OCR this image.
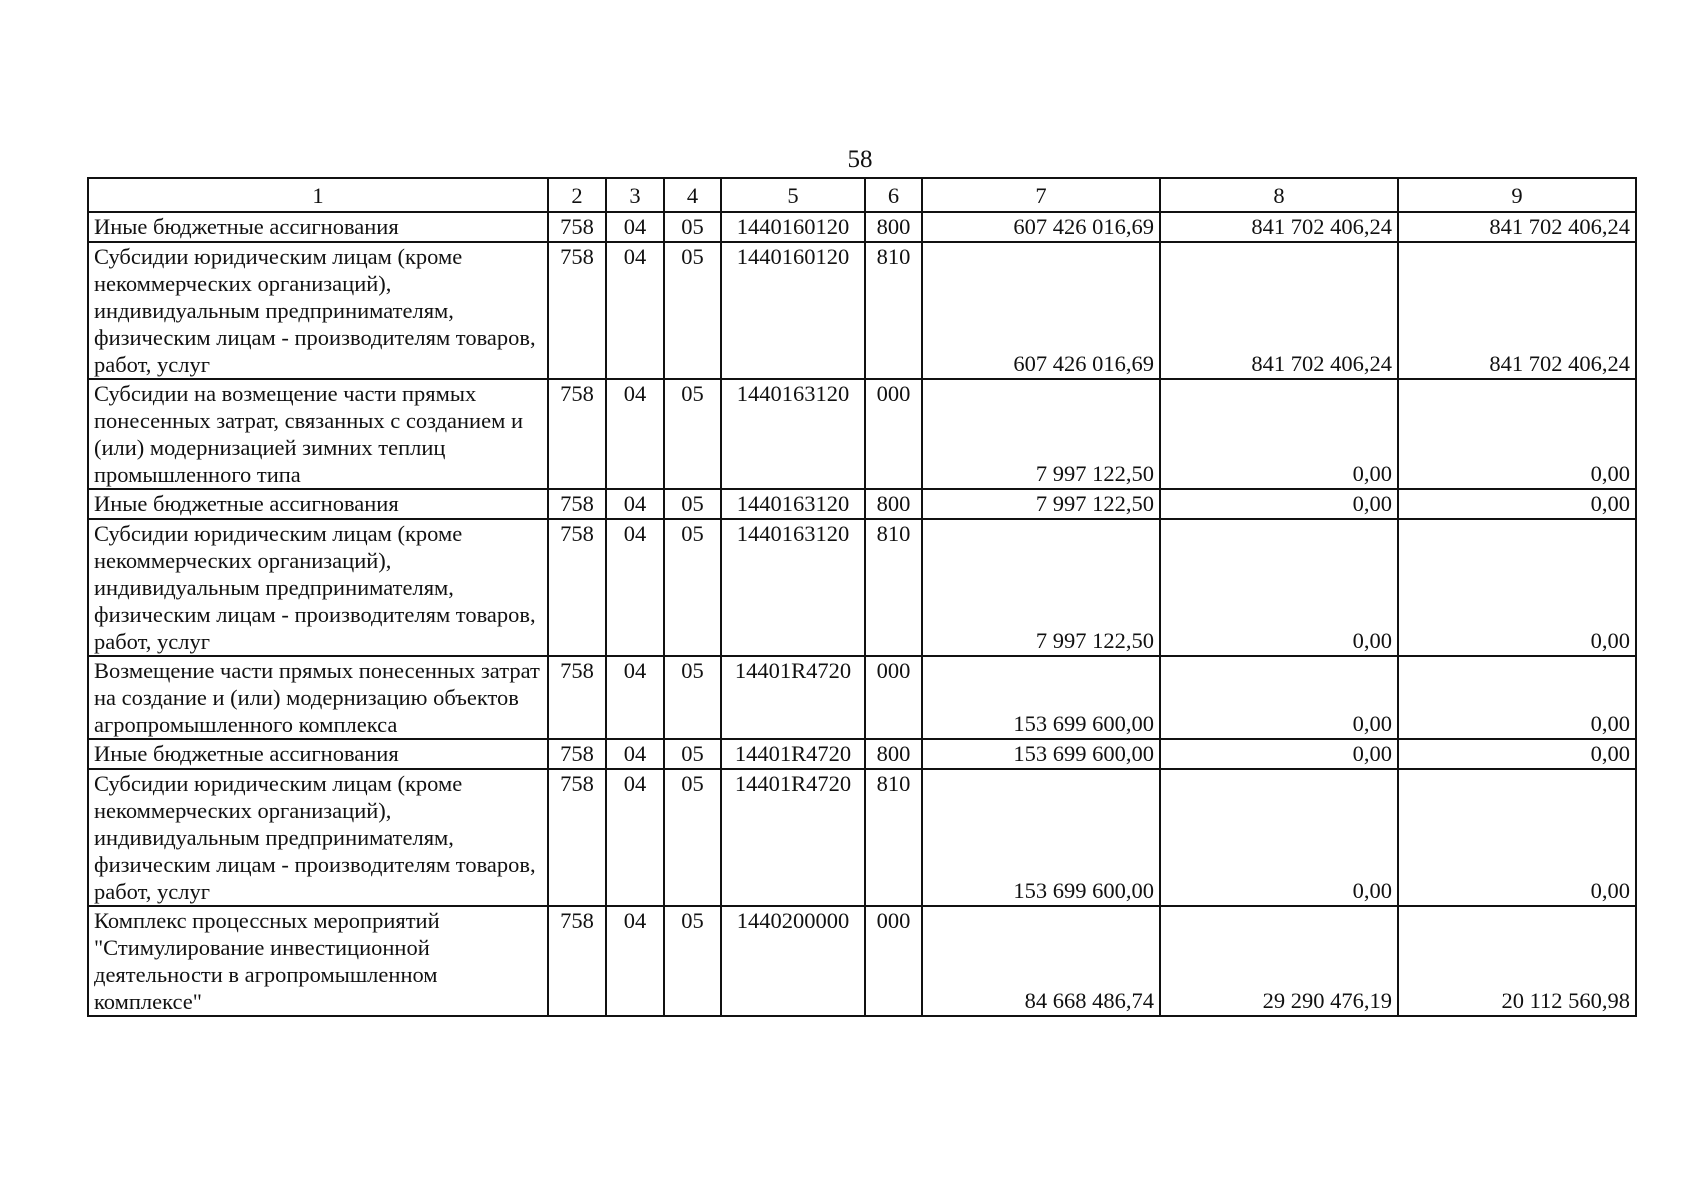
58
1	2	3	4	5	6	7	8	9
Иные бюджетные ассигнования	758	04	05	1440160120	800	607 426 016,69	841 702 406,24	841 702 406,24
Субсидии юридическим лицам (кроме некоммерческих организаций), индивидуальным предпринимателям, физическим лицам - производителям товаров, работ, услуг	758	04	05	1440160120	810	607 426 016,69	841 702 406,24	841 702 406,24
Субсидии на возмещение части прямых понесенных затрат, связанных с созданием и (или) модернизацией зимних теплиц промышленного типа	758	04	05	1440163120	000	7 997 122,50	0,00	0,00
Иные бюджетные ассигнования	758	04	05	1440163120	800	7 997 122,50	0,00	0,00
Субсидии юридическим лицам (кроме некоммерческих организаций), индивидуальным предпринимателям, физическим лицам - производителям товаров, работ, услуг	758	04	05	1440163120	810	7 997 122,50	0,00	0,00
Возмещение части прямых понесенных затрат на создание и (или) модернизацию объектов агропромышленного комплекса	758	04	05	14401R4720	000	153 699 600,00	0,00	0,00
Иные бюджетные ассигнования	758	04	05	14401R4720	800	153 699 600,00	0,00	0,00
Субсидии юридическим лицам (кроме некоммерческих организаций), индивидуальным предпринимателям, физическим лицам - производителям товаров, работ, услуг	758	04	05	14401R4720	810	153 699 600,00	0,00	0,00
Комплекс процессных мероприятий "Стимулирование инвестиционной деятельности в агропромышленном комплексе"	758	04	05	1440200000	000	84 668 486,74	29 290 476,19	20 112 560,98
